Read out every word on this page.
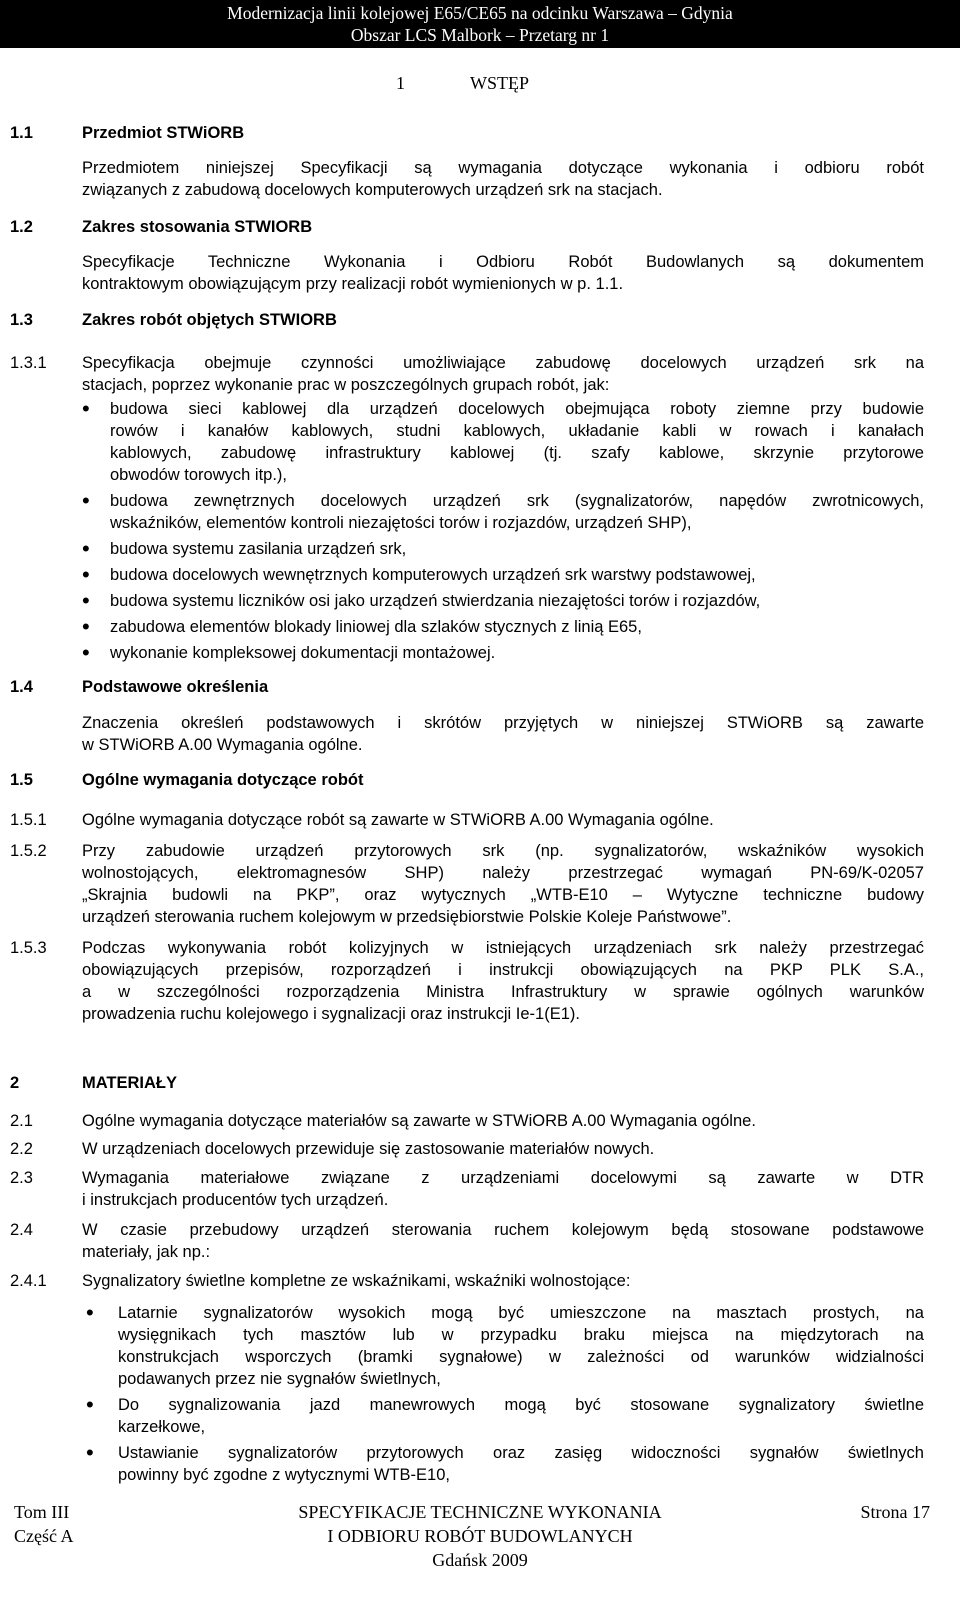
Modernizacja linii kolejowej E65/CE65 na odcinku Warszawa – Gdynia
Obszar LCS Malbork – Przetarg nr 1
1	WSTĘP
1.1	Przedmiot STWiORB
Przedmiotem niniejszej Specyfikacji są wymagania dotyczące wykonania i odbioru robót
związanych z zabudową docelowych komputerowych urządzeń srk na stacjach.
1.2	Zakres stosowania STWIORB
Specyfikacje Techniczne Wykonania i Odbioru Robót Budowlanych są dokumentem
kontraktowym obowiązującym przy realizacji robót wymienionych w p. 1.1.
1.3	Zakres robót objętych STWIORB
1.3.1 Specyfikacja obejmuje czynności umożliwiające zabudowę docelowych urządzeń srk na
stacjach, poprzez wykonanie prac w poszczególnych grupach robót, jak:
• budowa sieci kablowej dla urządzeń docelowych obejmująca roboty ziemne przy budowie
rowów i kanałów kablowych, studni kablowych, układanie kabli w rowach i kanałach
kablowych, zabudowę infrastruktury kablowej (tj. szafy kablowe, skrzynie przytorowe
obwodów torowych itp.),
• budowa zewnętrznych docelowych urządzeń srk (sygnalizatorów, napędów zwrotnicowych,
wskaźników, elementów kontroli niezajętości torów i rozjazdów, urządzeń SHP),
• budowa systemu zasilania urządzeń srk,
• budowa docelowych wewnętrznych komputerowych urządzeń srk warstwy podstawowej,
• budowa systemu liczników osi jako urządzeń stwierdzania niezajętości torów i rozjazdów,
• zabudowa elementów blokady liniowej dla szlaków stycznych z linią E65,
• wykonanie kompleksowej dokumentacji montażowej.
1.4	Podstawowe określenia
Znaczenia określeń podstawowych i skrótów przyjętych w niniejszej STWiORB są zawarte
w STWiORB A.00 Wymagania ogólne.
1.5	Ogólne wymagania dotyczące robót
1.5.1 Ogólne wymagania dotyczące robót są zawarte w STWiORB A.00 Wymagania ogólne.
1.5.2 Przy zabudowie urządzeń przytorowych srk (np. sygnalizatorów, wskaźników wysokich
wolnostojących, elektromagnesów SHP) należy przestrzegać wymagań PN-69/K-02057
„Skrajnia budowli na PKP”, oraz wytycznych „WTB-E10 – Wytyczne techniczne budowy
urządzeń sterowania ruchem kolejowym w przedsiębiorstwie Polskie Koleje Państwowe”.
1.5.3 Podczas wykonywania robót kolizyjnych w istniejących urządzeniach srk należy przestrzegać
obowiązujących przepisów, rozporządzeń i instrukcji obowiązujących na PKP PLK S.A.,
a w szczególności rozporządzenia Ministra Infrastruktury w sprawie ogólnych warunków
prowadzenia ruchu kolejowego i sygnalizacji oraz instrukcji Ie-1(E1).
2	MATERIAŁY
2.1	Ogólne wymagania dotyczące materiałów są zawarte w STWiORB A.00 Wymagania ogólne.
2.2	W urządzeniach docelowych przewiduje się zastosowanie materiałów nowych.
2.3	Wymagania materiałowe związane z urządzeniami docelowymi są zawarte w DTR
i instrukcjach producentów tych urządzeń.
2.4	W czasie przebudowy urządzeń sterowania ruchem kolejowym będą stosowane podstawowe
materiały, jak np.:
2.4.1 Sygnalizatory świetlne kompletne ze wskaźnikami, wskaźniki wolnostojące:
• Latarnie sygnalizatorów wysokich mogą być umieszczone na masztach prostych, na
wysięgnikach tych masztów lub w przypadku braku miejsca na międzytorach na
konstrukcjach wsporczych (bramki sygnałowe) w zależności od warunków widzialności
podawanych przez nie sygnałów świetlnych,
• Do sygnalizowania jazd manewrowych mogą być stosowane sygnalizatory świetlne
karzełkowe,
• Ustawianie sygnalizatorów przytorowych oraz zasięg widoczności sygnałów świetlnych
powinny być zgodne z wytycznymi WTB-E10,
Tom III
Część A
SPECYFIKACJE TECHNICZNE WYKONANIA
I ODBIORU ROBÓT BUDOWLANYCH
Gdańsk 2009
Strona 17
